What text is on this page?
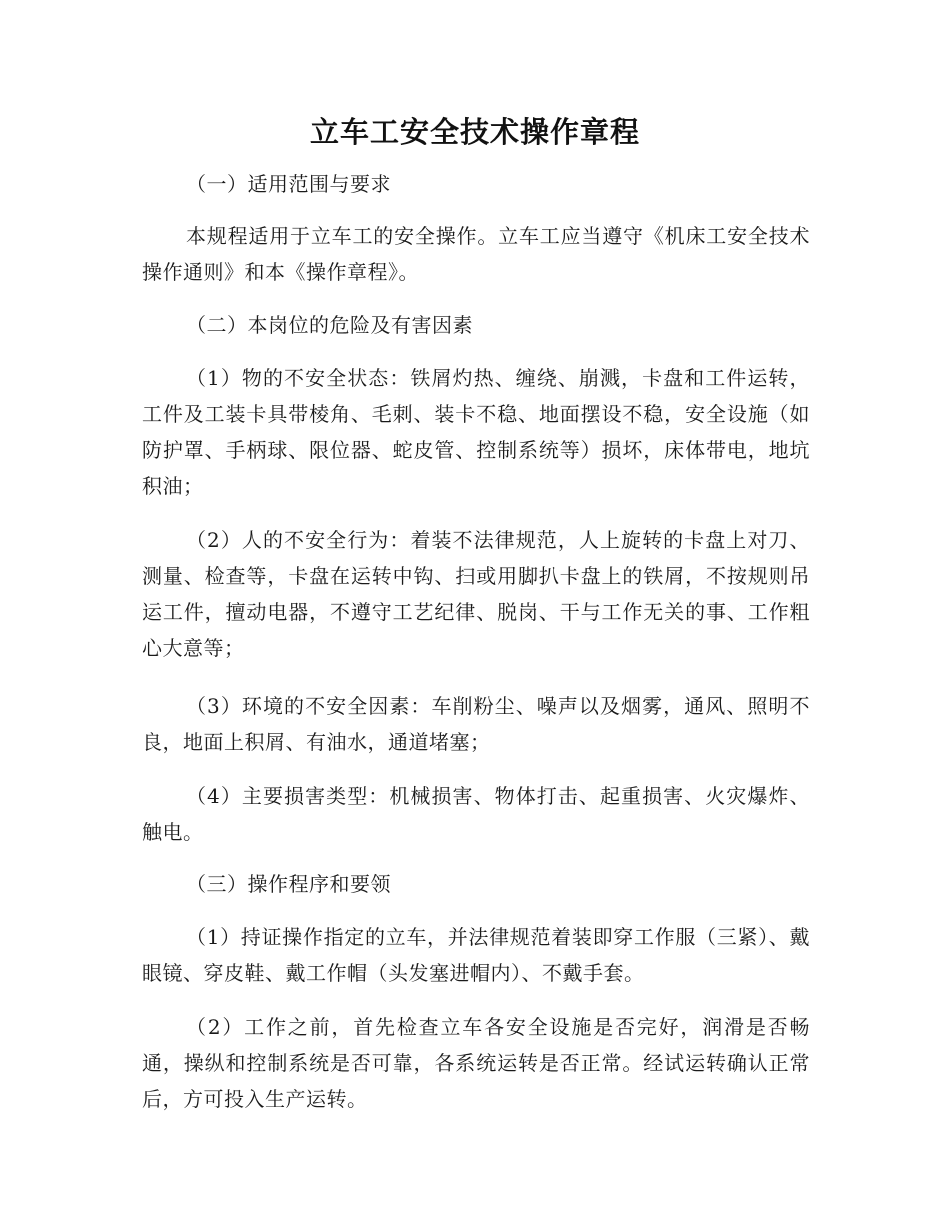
立车工安全技术操作章程

（一）适用范围与要求

本规程适用于立车工的安全操作。立车工应当遵守《机床工安全技术操作通则》和本《操作章程》。

（二）本岗位的危险及有害因素

（1）物的不安全状态：铁屑灼热、缠绕、崩溅，卡盘和工件运转，工件及工装卡具带棱角、毛刺、装卡不稳、地面摆设不稳，安全设施（如防护罩、手柄球、限位器、蛇皮管、控制系统等）损坏，床体带电，地坑积油；

（2）人的不安全行为：着装不法律规范，人上旋转的卡盘上对刀、测量、检查等，卡盘在运转中钩、扫或用脚扒卡盘上的铁屑，不按规则吊运工件，擅动电器，不遵守工艺纪律、脱岗、干与工作无关的事、工作粗心大意等；

（3）环境的不安全因素：车削粉尘、噪声以及烟雾，通风、照明不良，地面上积屑、有油水，通道堵塞；

（4）主要损害类型：机械损害、物体打击、起重损害、火灾爆炸、触电。

（三）操作程序和要领

（1）持证操作指定的立车，并法律规范着装即穿工作服（三紧）、戴眼镜、穿皮鞋、戴工作帽（头发塞进帽内）、不戴手套。

（2）工作之前，首先检查立车各安全设施是否完好，润滑是否畅通，操纵和控制系统是否可靠，各系统运转是否正常。经试运转确认正常后，方可投入生产运转。
